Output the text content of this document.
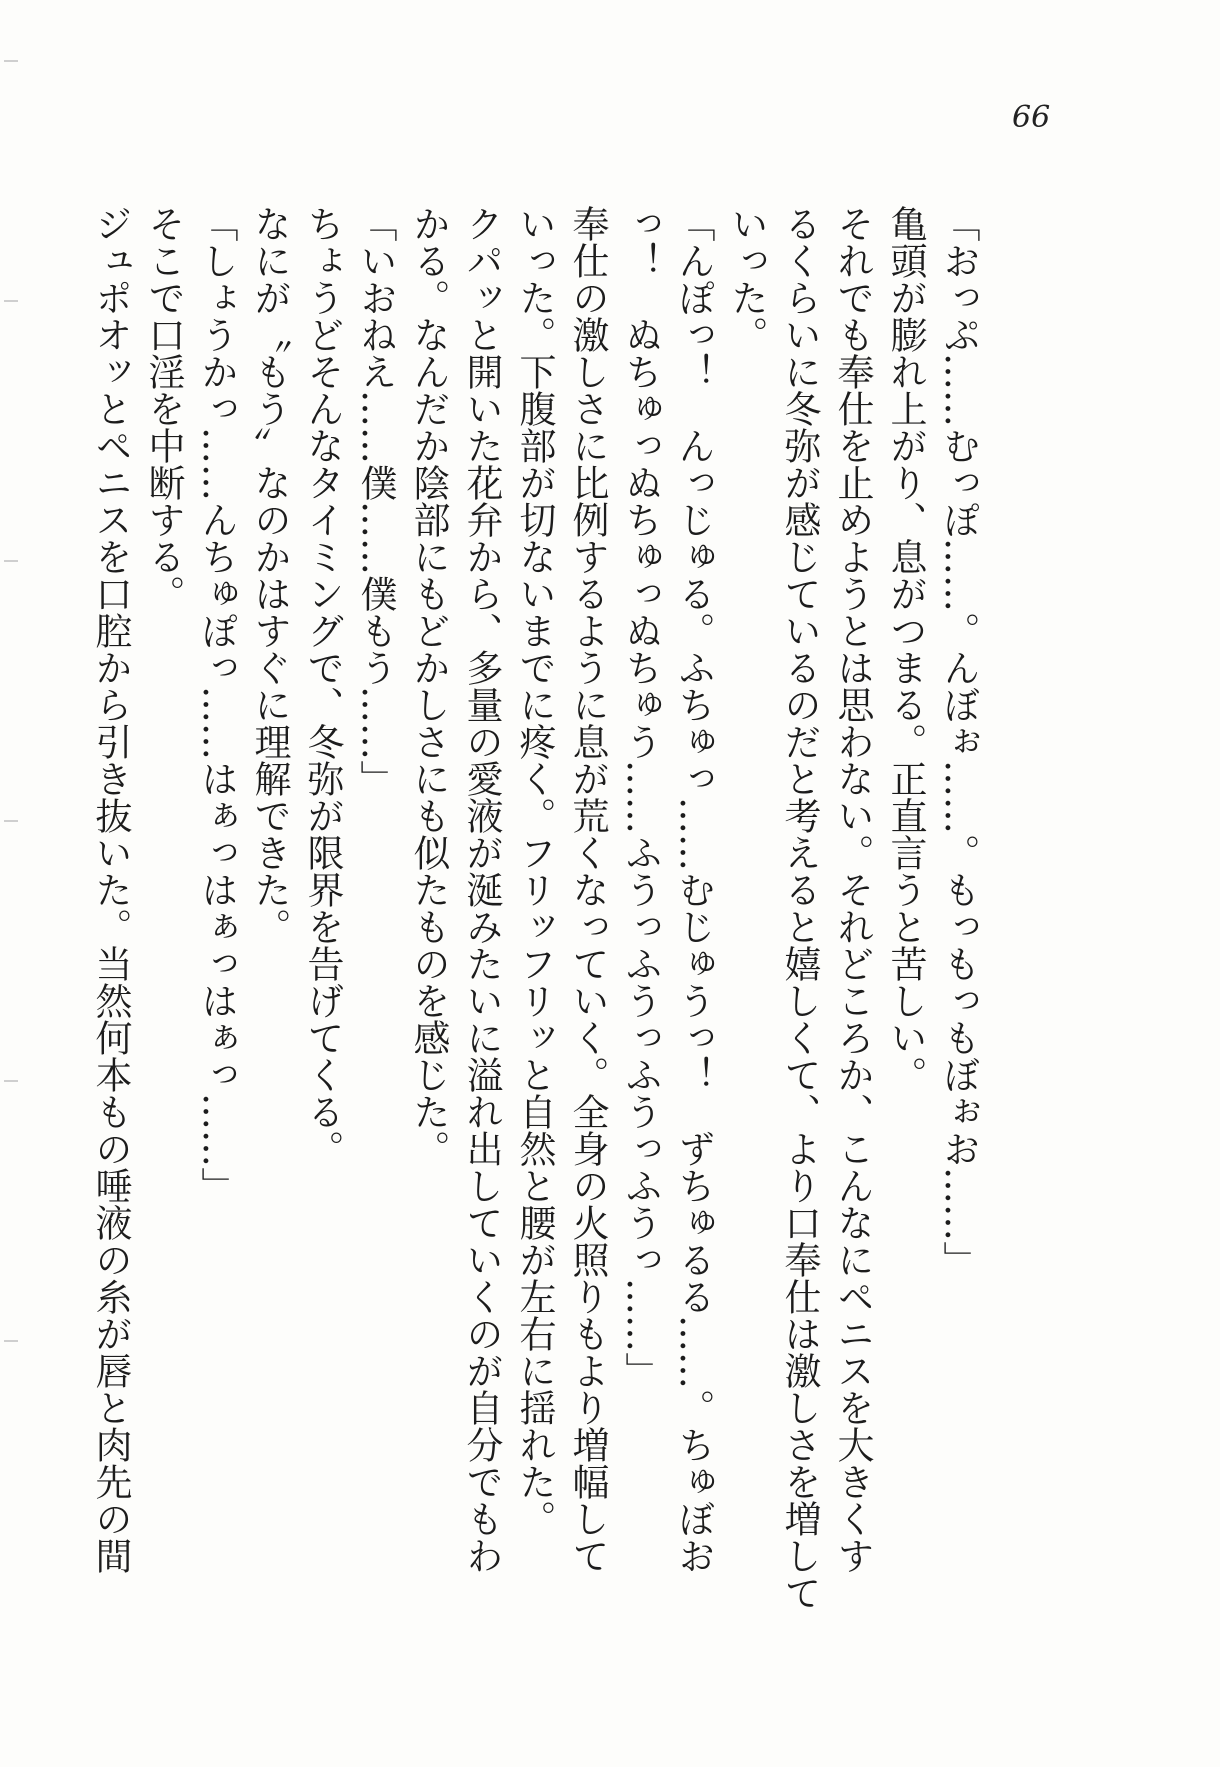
66
「おっぷ……むっぽ……。んぼぉ……。もっもっもぼぉお……」
亀頭が膨れ上がり、息がつまる。正直言うと苦しい。
それでも奉仕を止めようとは思わない。それどころか、こんなにペニスを大きくす
るくらいに冬弥が感じているのだと考えると嬉しくて、より口奉仕は激しさを増して
いった。
「んぽっ！　んっじゅる。ふちゅっ……むじゅうっ！　ずちゅるる……。ちゅぼお
っ！　ぬちゅっぬちゅっぬちゅう……ふうっふうっふうっふうっ……」
奉仕の激しさに比例するように息が荒くなっていく。全身の火照りもより増幅して
いった。下腹部が切ないまでに疼く。フリッフリッと自然と腰が左右に揺れた。
クパッと開いた花弁から、多量の愛液が涎みたいに溢れ出していくのが自分でもわ
かる。なんだか陰部にもどかしさにも似たものを感じた。
「いおねえ……僕……僕もう……」
ちょうどそんなタイミングで、冬弥が限界を告げてくる。
なにが〝もう〟なのかはすぐに理解できた。
「しょうかっ……んちゅぽっ……はぁっはぁっはぁっ……」
そこで口淫を中断する。
ジュポオッとペニスを口腔から引き抜いた。当然何本もの唾液の糸が唇と肉先の間
